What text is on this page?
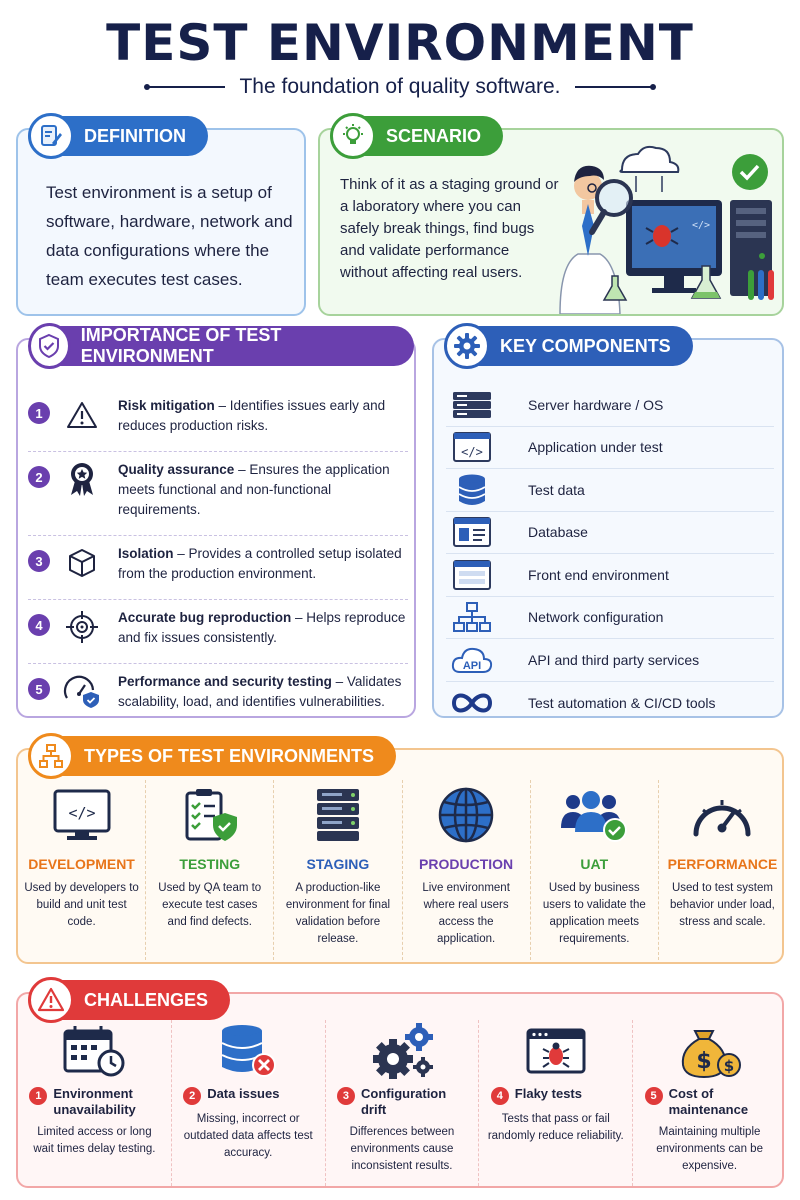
TEST ENVIRONMENT
The foundation of quality software.
DEFINITION
Test environment is a setup of software, hardware, network and data configurations where the team executes test cases.
SCENARIO
Think of it as a staging ground or a laboratory where you can safely break things, find bugs and validate performance without affecting real users.
</>
IMPORTANCE OF TEST ENVIRONMENT
1	Risk mitigation – Identifies issues early and reduces production risks.
2	Quality assurance – Ensures the application meets functional and non-functional requirements.
3	Isolation – Provides a controlled setup isolated from the production environment.
4	Accurate bug reproduction – Helps reproduce and fix issues consistently.
5	Performance and security testing – Validates scalability, load, and identifies vulnerabilities.
KEY COMPONENTS
Server hardware / OS
</>	Application under test
Test data
Database
Front end environment
Network configuration
API	API and third party services
Test automation & CI/CD tools
TYPES OF TEST ENVIRONMENTS
</>
DEVELOPMENT
Used by developers to build and unit test code.
TESTING
Used by QA team to execute test cases and find defects.
STAGING
A production-like environment for final validation before release.
PRODUCTION
Live environment where real users access the application.
UAT
Used by business users to validate the application meets requirements.
PERFORMANCE
Used to test system behavior under load, stress and scale.
CHALLENGES
1 Environment unavailability
Limited access or long wait times delay testing.
2 Data issues
Missing, incorrect or outdated data affects test accuracy.
3 Configuration drift
Differences between environments cause inconsistent results.
4 Flaky tests
Tests that pass or fail randomly reduce reliability.
$ $
5 Cost of maintenance
Maintaining multiple environments can be expensive.
